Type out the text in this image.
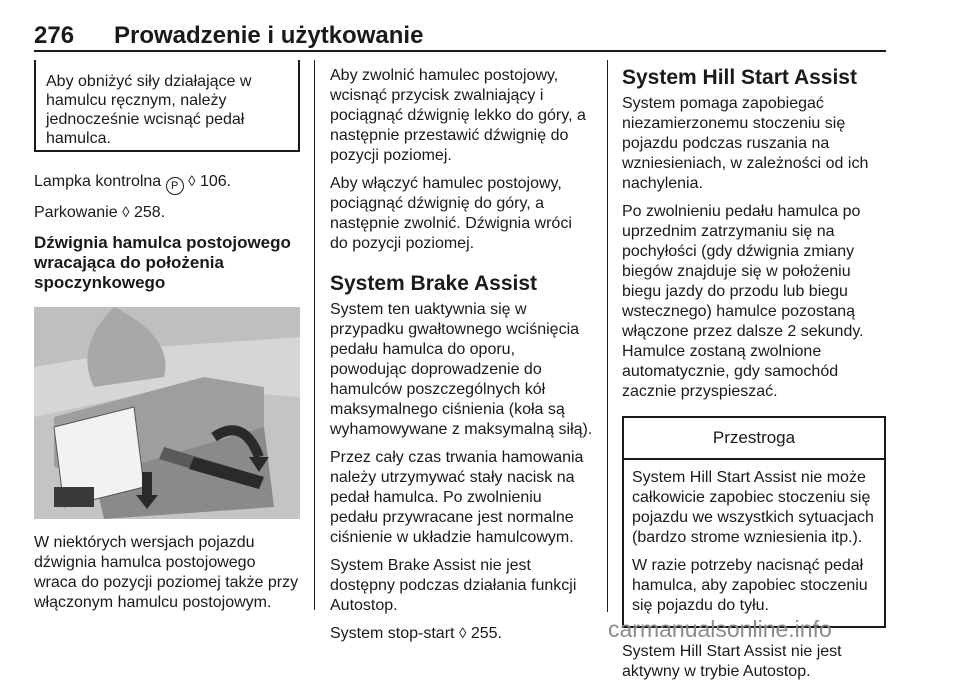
276 Prowadzenie i użytkowanie

Aby obniżyć siły działające w hamulcu ręcznym, należy jednocześnie wcisnąć pedał hamulca.

Lampka kontrolna P ◊ 106.

Parkowanie ◊ 258.

Dźwignia hamulca postojowego wracająca do położenia spoczynkowego

W niektórych wersjach pojazdu dźwignia hamulca postojowego wraca do pozycji poziomej także przy włączonym hamulcu postojowym.

Aby zwolnić hamulec postojowy, wcisnąć przycisk zwalniający i pociągnąć dźwignię lekko do góry, a następnie przestawić dźwignię do pozycji poziomej.

Aby włączyć hamulec postojowy, pociągnąć dźwignię do góry, a następnie zwolnić. Dźwignia wróci do pozycji poziomej.

System Brake Assist

System ten uaktywnia się w przypadku gwałtownego wciśnięcia pedału hamulca do oporu, powodując doprowadzenie do hamulców poszczególnych kół maksymalnego ciśnienia (koła są wyhamowywane z maksymalną siłą).

Przez cały czas trwania hamowania należy utrzymywać stały nacisk na pedał hamulca. Po zwolnieniu pedału przywracane jest normalne ciśnienie w układzie hamulcowym.

System Brake Assist nie jest dostępny podczas działania funkcji Autostop.

System stop-start ◊ 255.

System Hill Start Assist

System pomaga zapobiegać niezamierzonemu stoczeniu się pojazdu podczas ruszania na wzniesieniach, w zależności od ich nachylenia.

Po zwolnieniu pedału hamulca po uprzednim zatrzymaniu się na pochyłości (gdy dźwignia zmiany biegów znajduje się w położeniu biegu jazdy do przodu lub biegu wstecznego) hamulce pozostaną włączone przez dalsze 2 sekundy. Hamulce zostaną zwolnione automatycznie, gdy samochód zacznie przyspieszać.

Przestroga

System Hill Start Assist nie może całkowicie zapobiec stoczeniu się pojazdu we wszystkich sytuacjach (bardzo strome wzniesienia itp.).

W razie potrzeby nacisnąć pedał hamulca, aby zapobiec stoczeniu się pojazdu do tyłu.

System Hill Start Assist nie jest aktywny w trybie Autostop.

carmanualsonline.info
